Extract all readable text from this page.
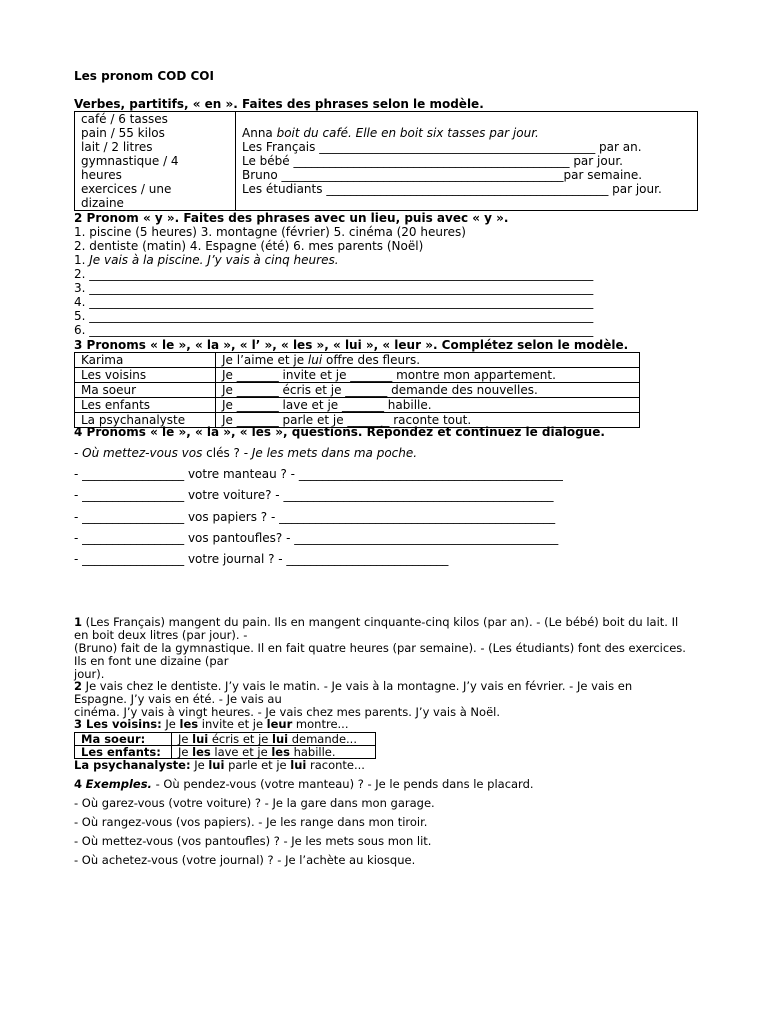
Les pronom COD COI
Verbes, partitifs, « en ». Faites des phrases selon le modèle.
café / 6 tasses
pain / 55 kilos
lait / 2 litres
gymnastique / 4
heures
exercices / une
dizaine

Anna boit du café. Elle en boit six tasses par jour.
Les Français ______________________________________________ par an.
Le bébé ______________________________________________ par jour.
Bruno _______________________________________________par semaine.
Les étudiants _______________________________________________ par jour.
2 Pronom « y ». Faites des phrases avec un lieu, puis avec « y ».
1. piscine (5 heures) 3. montagne (février) 5. cinéma (20 heures)
2. dentiste (matin) 4. Espagne (été) 6. mes parents (Noël)
1. Je vais à la piscine. J’y vais à cinq heures.
2. ____________________________________________________________________________________
3. ____________________________________________________________________________________
4. ____________________________________________________________________________________
5. ____________________________________________________________________________________
6. ____________________________________________________________________________________
3 Pronoms « le », « la », « l’ », « les », « lui », « leur ». Complétez selon le modèle.
Karima	Je l’aime et je lui offre des fleurs.
Les voisins	Je _______ invite et je _______ montre mon appartement.
Ma soeur	Je _______ écris et je _______ demande des nouvelles.
Les enfants	Je _______ lave et je _______ habille.
La psychanalyste	Je _______ parle et je _______ raconte tout.
4 Pronoms « le », « la », « les », questions. Répondez et continuez le dialogue.
- Où mettez-vous vos clés ? - Je les mets dans ma poche.
- _________________ votre manteau ? - ____________________________________________
- _________________ votre voiture? - _____________________________________________
- _________________ vos papiers ? - ______________________________________________
- _________________ vos pantoufles? - ____________________________________________
- _________________ votre journal ? - ___________________________
1 (Les Français) mangent du pain. Ils en mangent cinquante-cinq kilos (par an). - (Le bébé) boit du lait. Il
en boit deux litres (par jour). -
(Bruno) fait de la gymnastique. Il en fait quatre heures (par semaine). - (Les étudiants) font des exercices.
Ils en font une dizaine (par
jour).
2 Je vais chez le dentiste. J’y vais le matin. - Je vais à la montagne. J’y vais en février. - Je vais en
Espagne. J’y vais en été. - Je vais au
cinéma. J’y vais à vingt heures. - Je vais chez mes parents. J’y vais à Noël.
3 Les voisins: Je les invite et je leur montre...
Ma soeur:	Je lui écris et je lui demande...
Les enfants:	Je les lave et je les habille.
La psychanalyste: Je lui parle et je lui raconte...
4 Exemples. - Où pendez-vous (votre manteau) ? - Je le pends dans le placard.
- Où garez-vous (votre voiture) ? - Je la gare dans mon garage.
- Où rangez-vous (vos papiers). - Je les range dans mon tiroir.
- Où mettez-vous (vos pantoufles) ? - Je les mets sous mon lit.
- Où achetez-vous (votre journal) ? - Je l’achète au kiosque.
